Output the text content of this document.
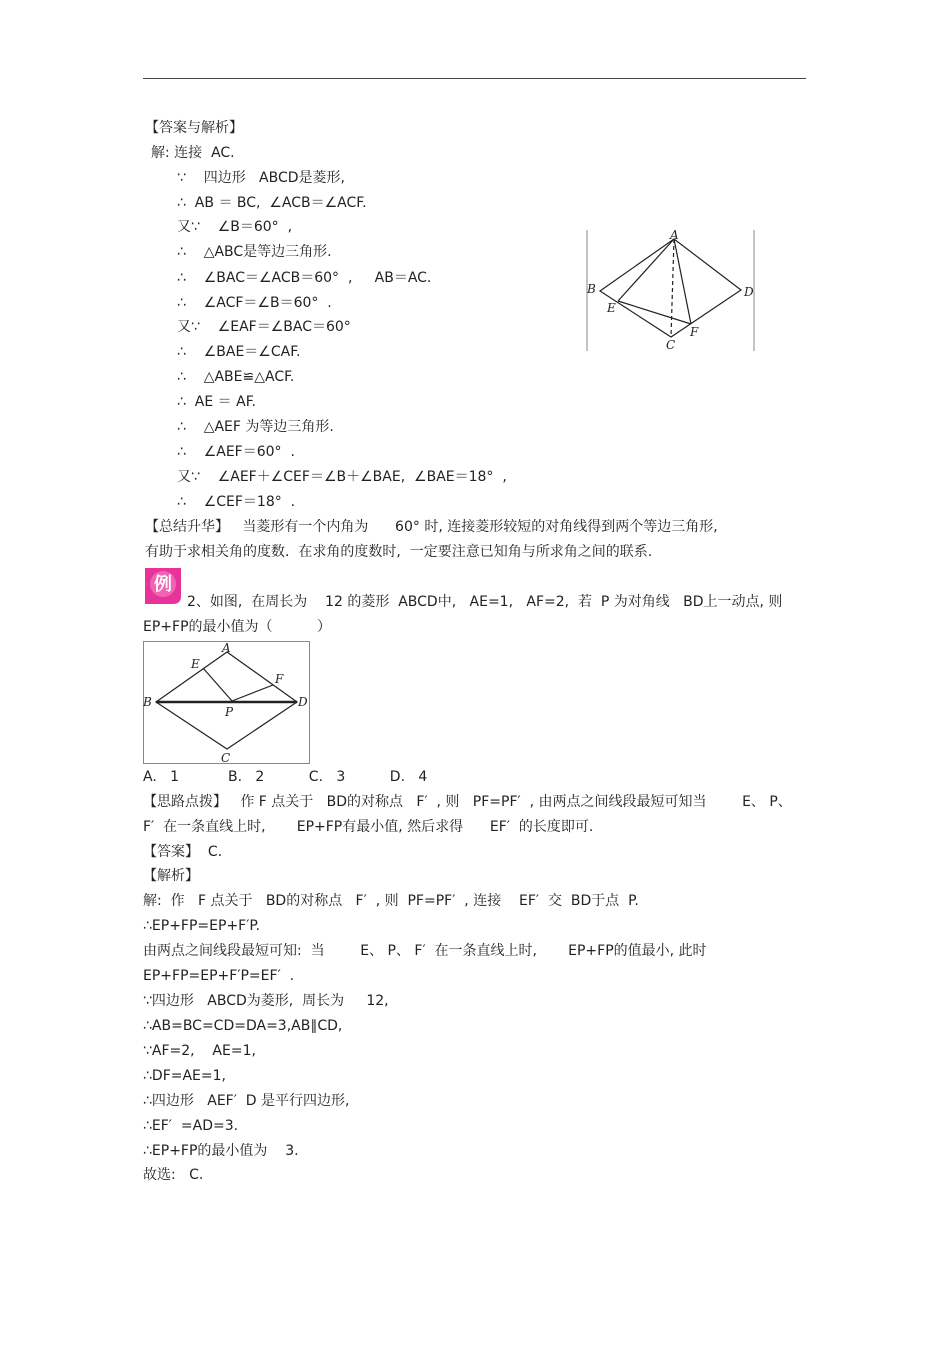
【答案与解析】
解: 连接  AC.
∵    四边形   ABCD是菱形,
∴  AB ＝ BC,  ∠ACB＝∠ACF.
又∵    ∠B＝60°  ,
∴    △ABC是等边三角形.
∴    ∠BAC＝∠ACB＝60°  ,     AB＝AC.
∴    ∠ACF＝∠B＝60°  .
又∵    ∠EAF＝∠BAC＝60°
∴    ∠BAE＝∠CAF.
∴    △ABE≌△ACF.
∴  AE ＝ AF.
∴    △AEF 为等边三角形.
∴    ∠AEF＝60°  .
又∵    ∠AEF＋∠CEF＝∠B＋∠BAE,  ∠BAE＝18°  ,
∴    ∠CEF＝18°  .
【总结升华】   当菱形有一个内角为      60° 时, 连接菱形较短的对角线得到两个等边三角形,
有助于求相关角的度数.  在求角的度数时,  一定要注意已知角与所求角之间的联系.
A
B
C
D
E
F
例
2、如图,  在周长为    12 的菱形  ABCD中,   AE=1,   AF=2,  若  P 为对角线   BD上一动点, 则
EP+FP的最小值为（          ）
A
B
C
D
E
F
P
A.   1           B.   2          C.   3          D.   4
【思路点拨】   作 F 点关于   BD的对称点   F′  , 则   PF=PF′  , 由两点之间线段最短可知当        E、 P、
F′  在一条直线上时,       EP+FP有最小值, 然后求得      EF′  的长度即可.
【答案】  C.
【解析】
解:  作   F 点关于   BD的对称点   F′  , 则  PF=PF′  , 连接    EF′  交  BD于点  P.
∴EP+FP=EP+F′P.
由两点之间线段最短可知:  当        E、 P、 F′  在一条直线上时,       EP+FP的值最小, 此时
EP+FP=EP+F′P=EF′  .
∵四边形   ABCD为菱形,  周长为     12,
∴AB=BC=CD=DA=3,AB∥CD,
∵AF=2,    AE=1,
∴DF=AE=1,
∴四边形   AEF′  D 是平行四边形,
∴EF′  =AD=3.
∴EP+FP的最小值为    3.
故选:   C.
